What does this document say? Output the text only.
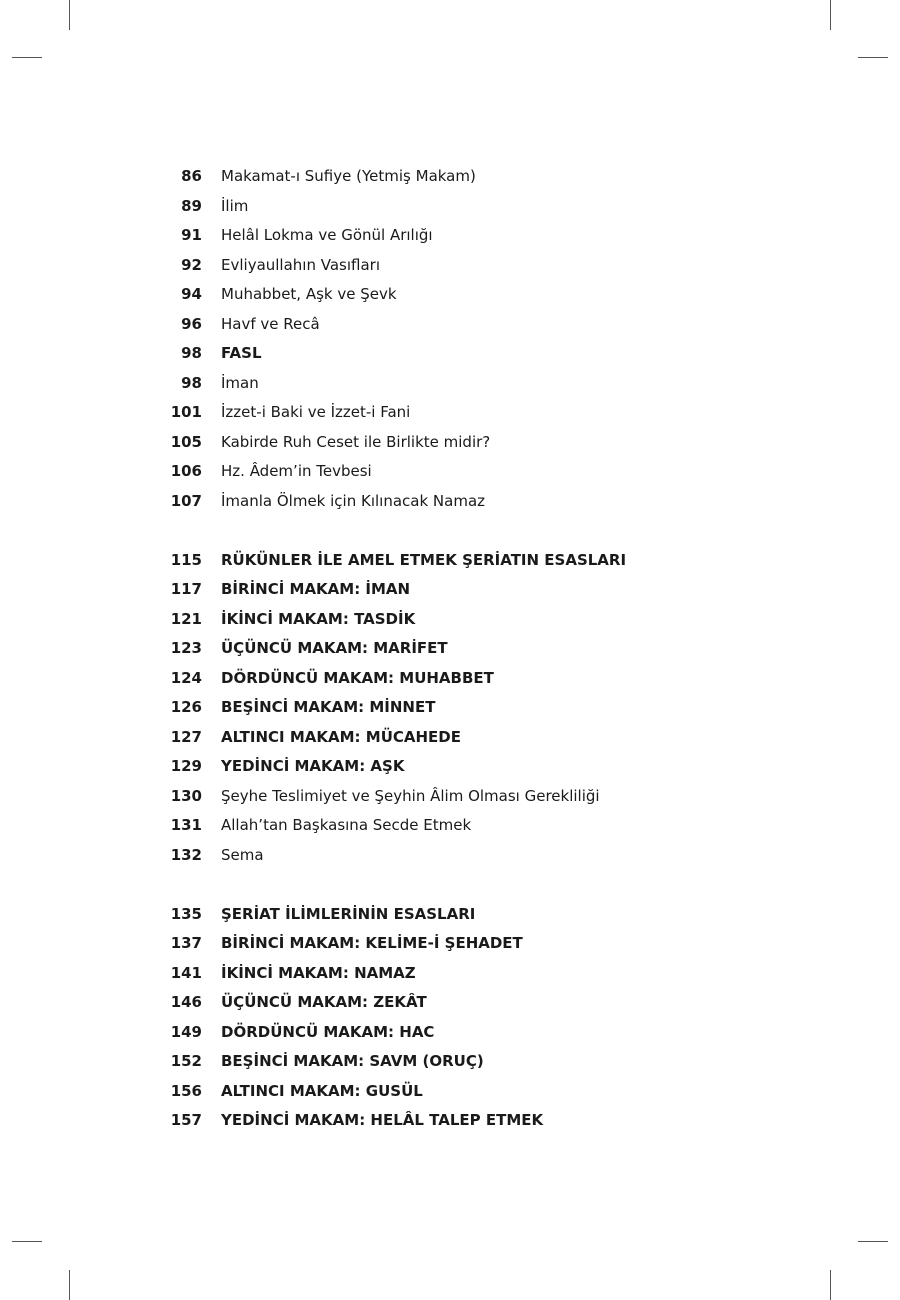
86 Makamat-ı Sufiye (Yetmiş Makam)
89 İlim
91 Helâl Lokma ve Gönül Arılığı
92 Evliyaullahın Vasıfları
94 Muhabbet, Aşk ve Şevk
96 Havf ve Recâ
98 FASL
98 İman
101 İzzet-i Baki ve İzzet-i Fani
105 Kabirde Ruh Ceset ile Birlikte midir?
106 Hz. Âdem’in Tevbesi
107 İmanla Ölmek için Kılınacak Namaz
115 RÜKÜNLER İLE AMEL ETMEK ŞERİATIN ESASLARI
117 BİRİNCİ MAKAM: İMAN
121 İKİNCİ MAKAM: TASDİK
123 ÜÇÜNCÜ MAKAM: MARİFET
124 DÖRDÜNCÜ MAKAM: MUHABBET
126 BEŞİNCİ MAKAM: MİNNET
127 ALTINCI MAKAM: MÜCAHEDE
129 YEDİNCİ MAKAM: AŞK
130 Şeyhe Teslimiyet ve Şeyhin Âlim Olması Gerekliliği
131 Allah’tan Başkasına Secde Etmek
132 Sema
135 ŞERİAT İLİMLERİNİN ESASLARI
137 BİRİNCİ MAKAM: KELİME-İ ŞEHADET
141 İKİNCİ MAKAM: NAMAZ
146 ÜÇÜNCÜ MAKAM: ZEKÂT
149 DÖRDÜNCÜ MAKAM: HAC
152 BEŞİNCİ MAKAM: SAVM (ORUÇ)
156 ALTINCI MAKAM: GUSÜL
157 YEDİNCİ MAKAM: HELÂL TALEP ETMEK
